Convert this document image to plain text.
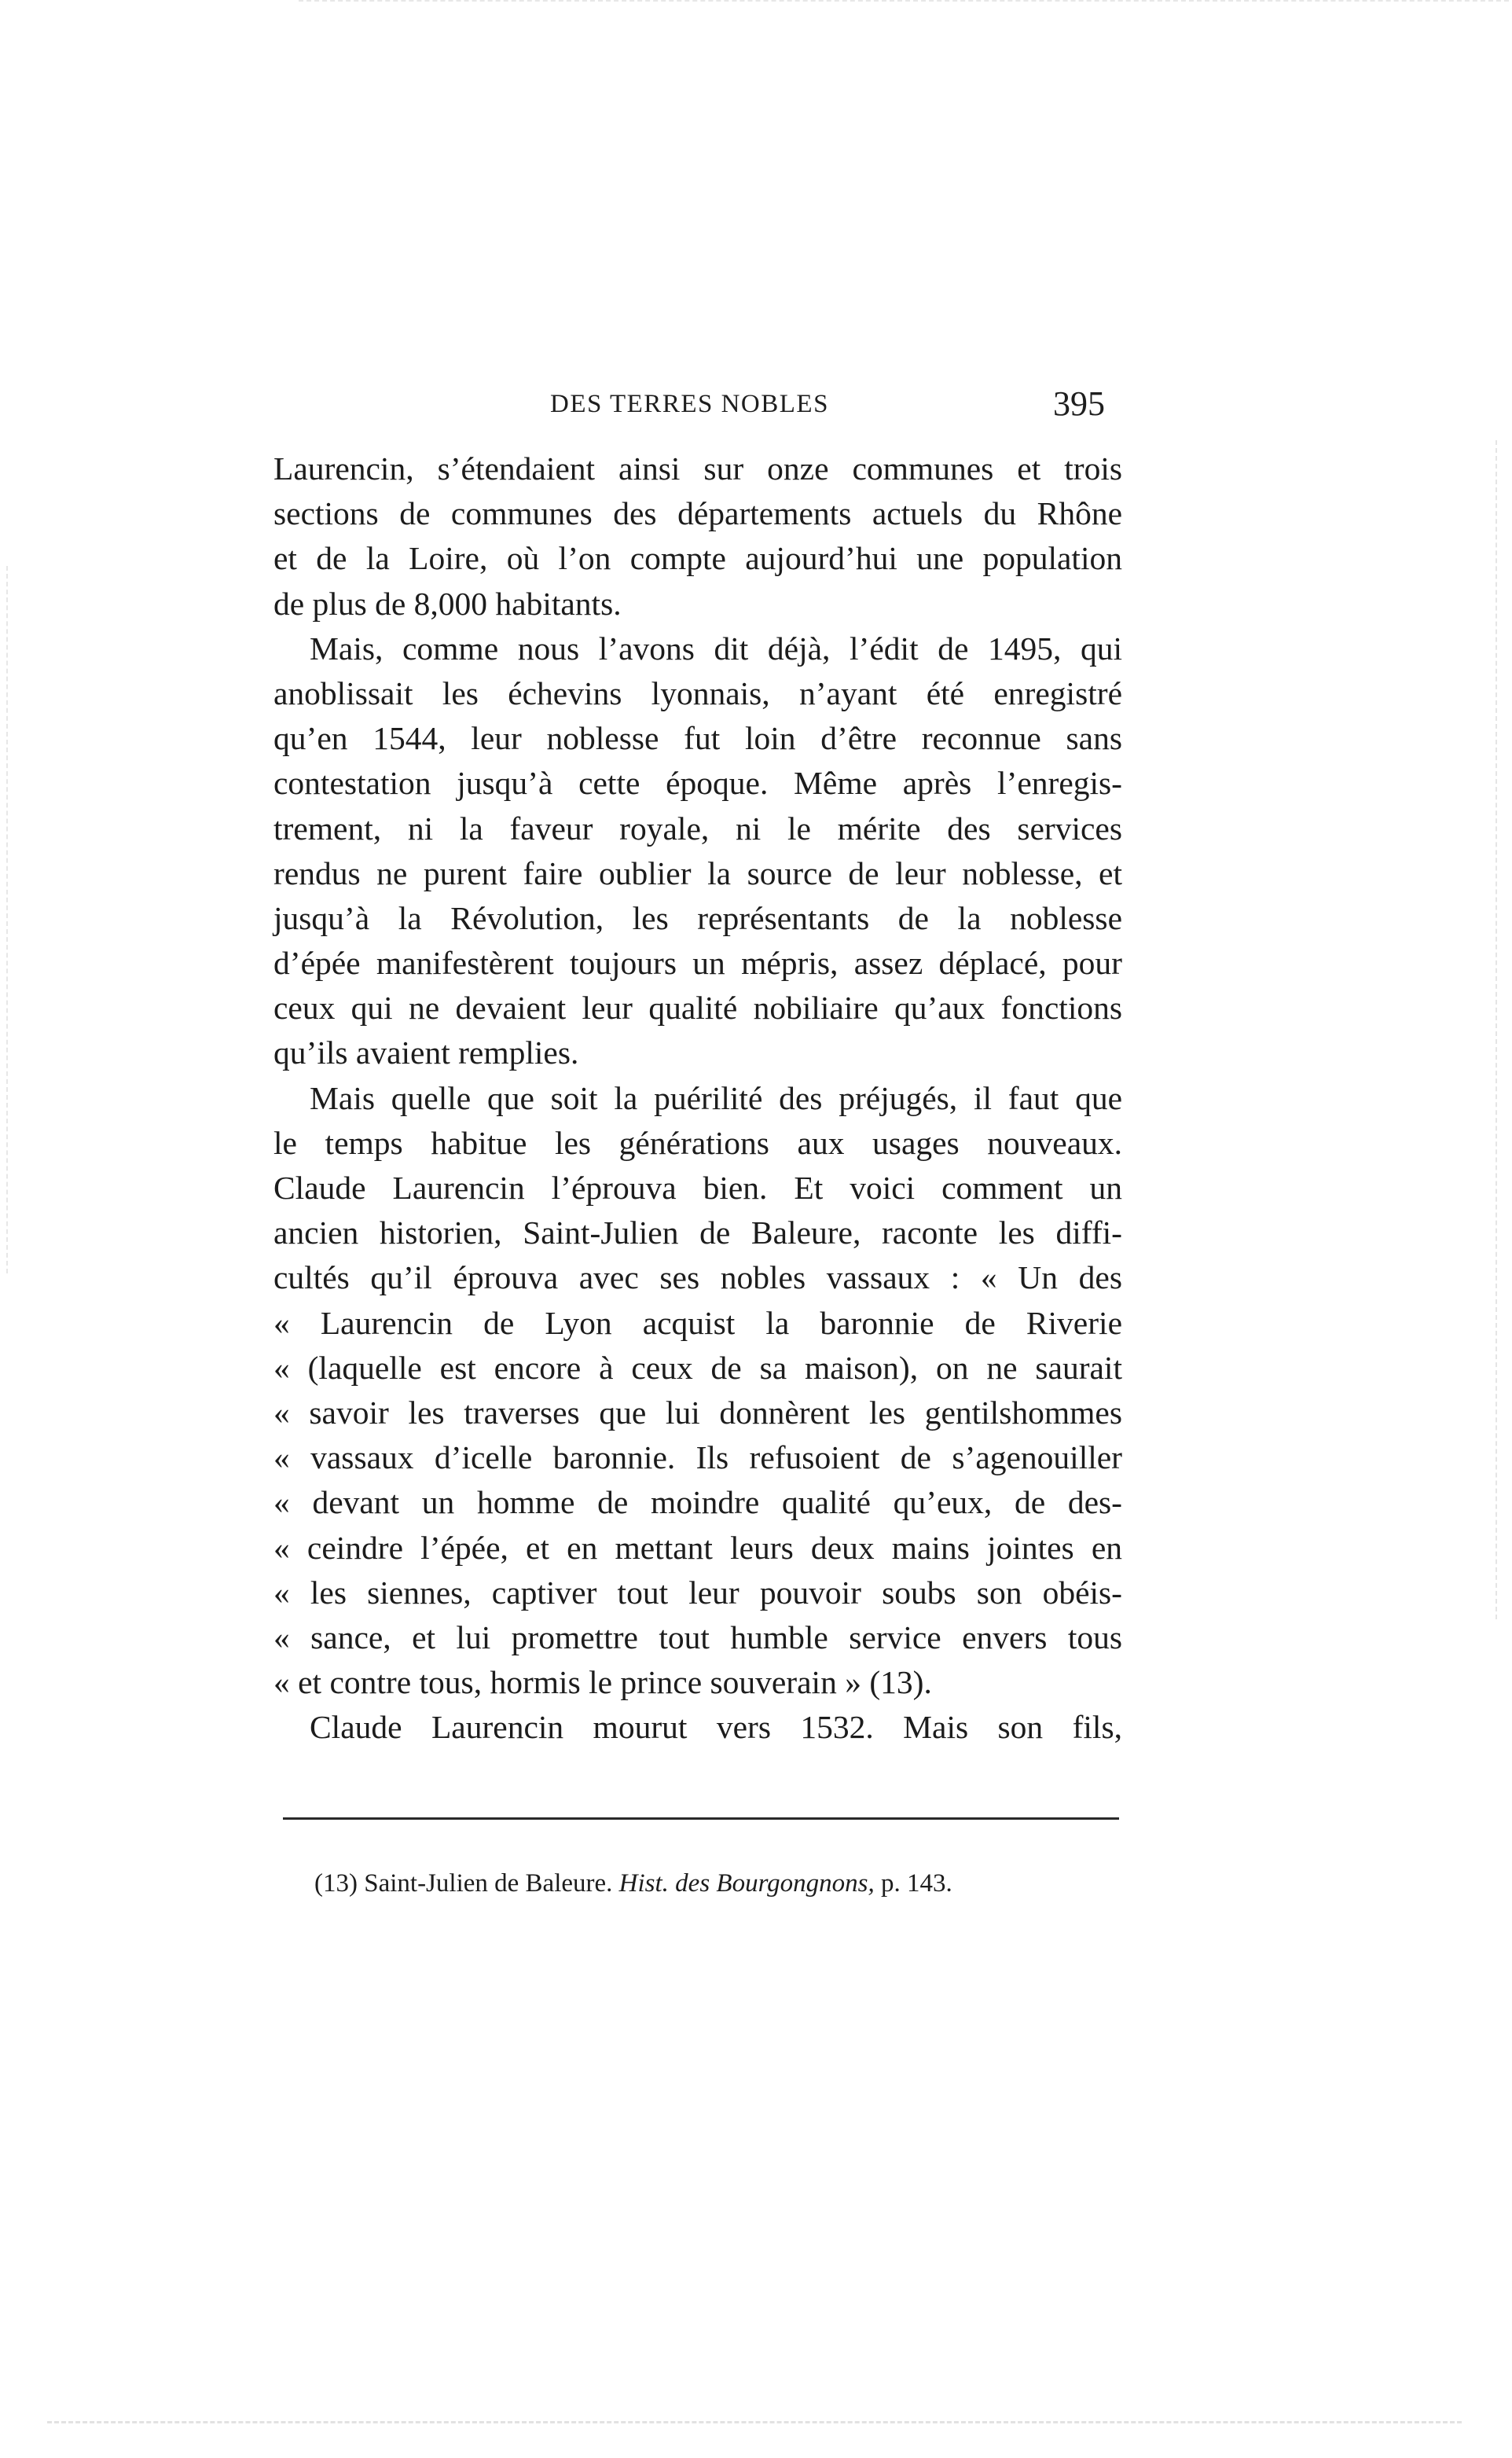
DES TERRES NOBLES	395
Laurencin, s’étendaient ainsi sur onze communes et trois
sections de communes des départements actuels du Rhône
et de la Loire, où l’on compte aujourd’hui une population
de plus de 8,000 habitants.
Mais, comme nous l’avons dit déjà, l’édit de 1495, qui
anoblissait les échevins lyonnais, n’ayant été enregistré
qu’en 1544, leur noblesse fut loin d’être reconnue sans
contestation jusqu’à cette époque. Même après l’enregis-
trement, ni la faveur royale, ni le mérite des services
rendus ne purent faire oublier la source de leur noblesse, et
jusqu’à la Révolution, les représentants de la noblesse
d’épée manifestèrent toujours un mépris, assez déplacé, pour
ceux qui ne devaient leur qualité nobiliaire qu’aux fonctions
qu’ils avaient remplies.
Mais quelle que soit la puérilité des préjugés, il faut que
le temps habitue les générations aux usages nouveaux.
Claude Laurencin l’éprouva bien. Et voici comment un
ancien historien, Saint-Julien de Baleure, raconte les diffi-
cultés qu’il éprouva avec ses nobles vassaux : « Un des
« Laurencin de Lyon acquist la baronnie de Riverie
« (laquelle est encore à ceux de sa maison), on ne saurait
« savoir les traverses que lui donnèrent les gentilshommes
« vassaux d’icelle baronnie. Ils refusoient de s’agenouiller
« devant un homme de moindre qualité qu’eux, de des-
« ceindre l’épée, et en mettant leurs deux mains jointes en
« les siennes, captiver tout leur pouvoir soubs son obéis-
« sance, et lui promettre tout humble service envers tous
« et contre tous, hormis le prince souverain » (13).
Claude Laurencin mourut vers 1532. Mais son fils,
(13) Saint-Julien de Baleure. Hist. des Bourgongnons, p. 143.
